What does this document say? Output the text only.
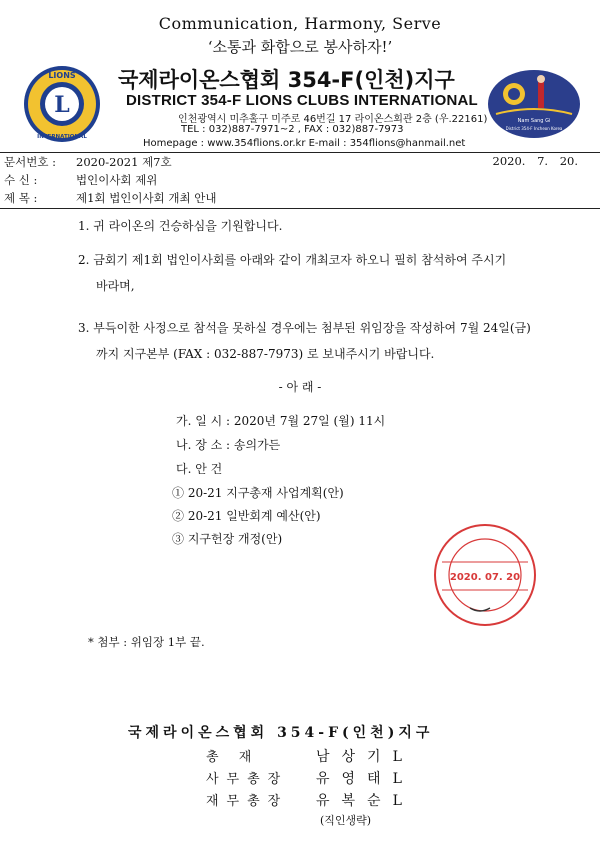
Communication, Harmony, Serve
‘소통과 화합으로 봉사하자!’
L
LIONS
INTERNATIONAL
국제라이온스협회 354-F(인천)지구
DISTRICT 354-F LIONS CLUBS INTERNATIONAL
인천광역시 미추홀구 미주로 46번길 17 라이온스회관 2층 (우.22161)
TEL : 032)887-7971~2 , FAX : 032)887-7973
Homepage : www.354flions.or.kr E-mail : 354flions@hanmail.net
Nam Sang Gi
District 354-F Incheon Korea
문서번호 : 2020-2021 제7호	2020. 7. 20.
수 신 :	법인이사회 제위
제 목 :	제1회 법인이사회 개최 안내
1. 귀 라이온의 건승하심을 기원합니다.
2. 금회기 제1회 법인이사회를 아래와 같이 개최코자 하오니 필히 참석하여 주시기
바라며,
3. 부득이한 사정으로 참석을 못하실 경우에는 첨부된 위임장을 작성하여 7월 24일(금)
까지 지구본부 (FAX : 032-887-7973) 로 보내주시기 바랍니다.
- 아 래 -
가. 일 시 : 2020년 7월 27일 (월) 11시
나. 장 소 : 송의가든
다. 안 건
① 20-21 지구총재 사업계획(안)
② 20-21 일반회계 예산(안)
③ 지구헌장 개정(안)
2020. 07. 20
* 첨부 : 위임장 1부 끝.
국제라이온스협회 354-F(인천)지구
총 재	남상기L
사무총장 유영태L
재무총장 유복순L
(직인생략)
